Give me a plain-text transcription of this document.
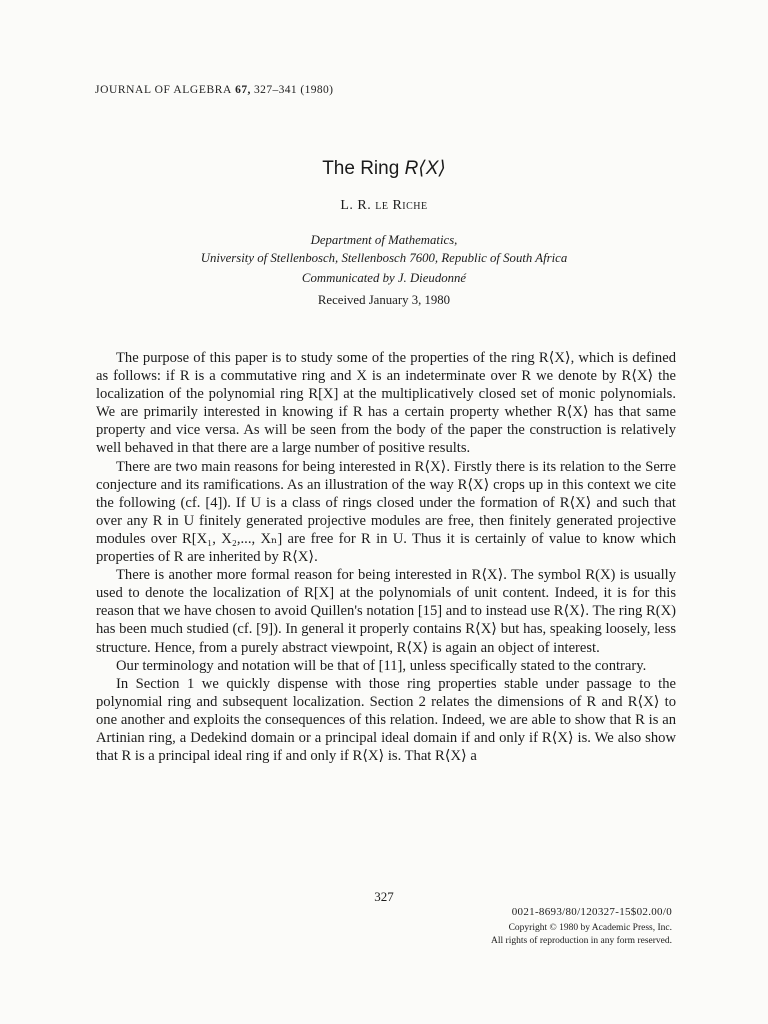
JOURNAL OF ALGEBRA 67, 327–341 (1980)
The Ring R⟨X⟩
L. R. le Riche
Department of Mathematics,
University of Stellenbosch, Stellenbosch 7600, Republic of South Africa
Communicated by J. Dieudonné
Received January 3, 1980

The purpose of this paper is to study some of the properties of the ring R⟨X⟩, which is defined as follows: if R is a commutative ring and X is an indeterminate over R we denote by R⟨X⟩ the localization of the polynomial ring R[X] at the multiplicatively closed set of monic polynomials. We are primarily interested in knowing if R has a certain property whether R⟨X⟩ has that same property and vice versa. As will be seen from the body of the paper the construction is relatively well behaved in that there are a large number of positive results.

There are two main reasons for being interested in R⟨X⟩. Firstly there is its relation to the Serre conjecture and its ramifications. As an illustration of the way R⟨X⟩ crops up in this context we cite the following (cf. [4]). If U is a class of rings closed under the formation of R⟨X⟩ and such that over any R in U finitely generated projective modules are free, then finitely generated projective modules over R[X₁, X₂,..., Xₙ] are free for R in U. Thus it is certainly of value to know which properties of R are inherited by R⟨X⟩.

There is another more formal reason for being interested in R⟨X⟩. The symbol R(X) is usually used to denote the localization of R[X] at the polynomials of unit content. Indeed, it is for this reason that we have chosen to avoid Quillen's notation [15] and to instead use R⟨X⟩. The ring R(X) has been much studied (cf. [9]). In general it properly contains R⟨X⟩ but has, speaking loosely, less structure. Hence, from a purely abstract viewpoint, R⟨X⟩ is again an object of interest.

Our terminology and notation will be that of [11], unless specifically stated to the contrary.

In Section 1 we quickly dispense with those ring properties stable under passage to the polynomial ring and subsequent localization. Section 2 relates the dimensions of R and R⟨X⟩ to one another and exploits the consequences of this relation. Indeed, we are able to show that R is an Artinian ring, a Dedekind domain or a principal ideal domain if and only if R⟨X⟩ is. We also show that R is a principal ideal ring if and only if R⟨X⟩ is. That R⟨X⟩ a

327
0021-8693/80/120327-15$02.00/0
Copyright © 1980 by Academic Press, Inc.
All rights of reproduction in any form reserved.
